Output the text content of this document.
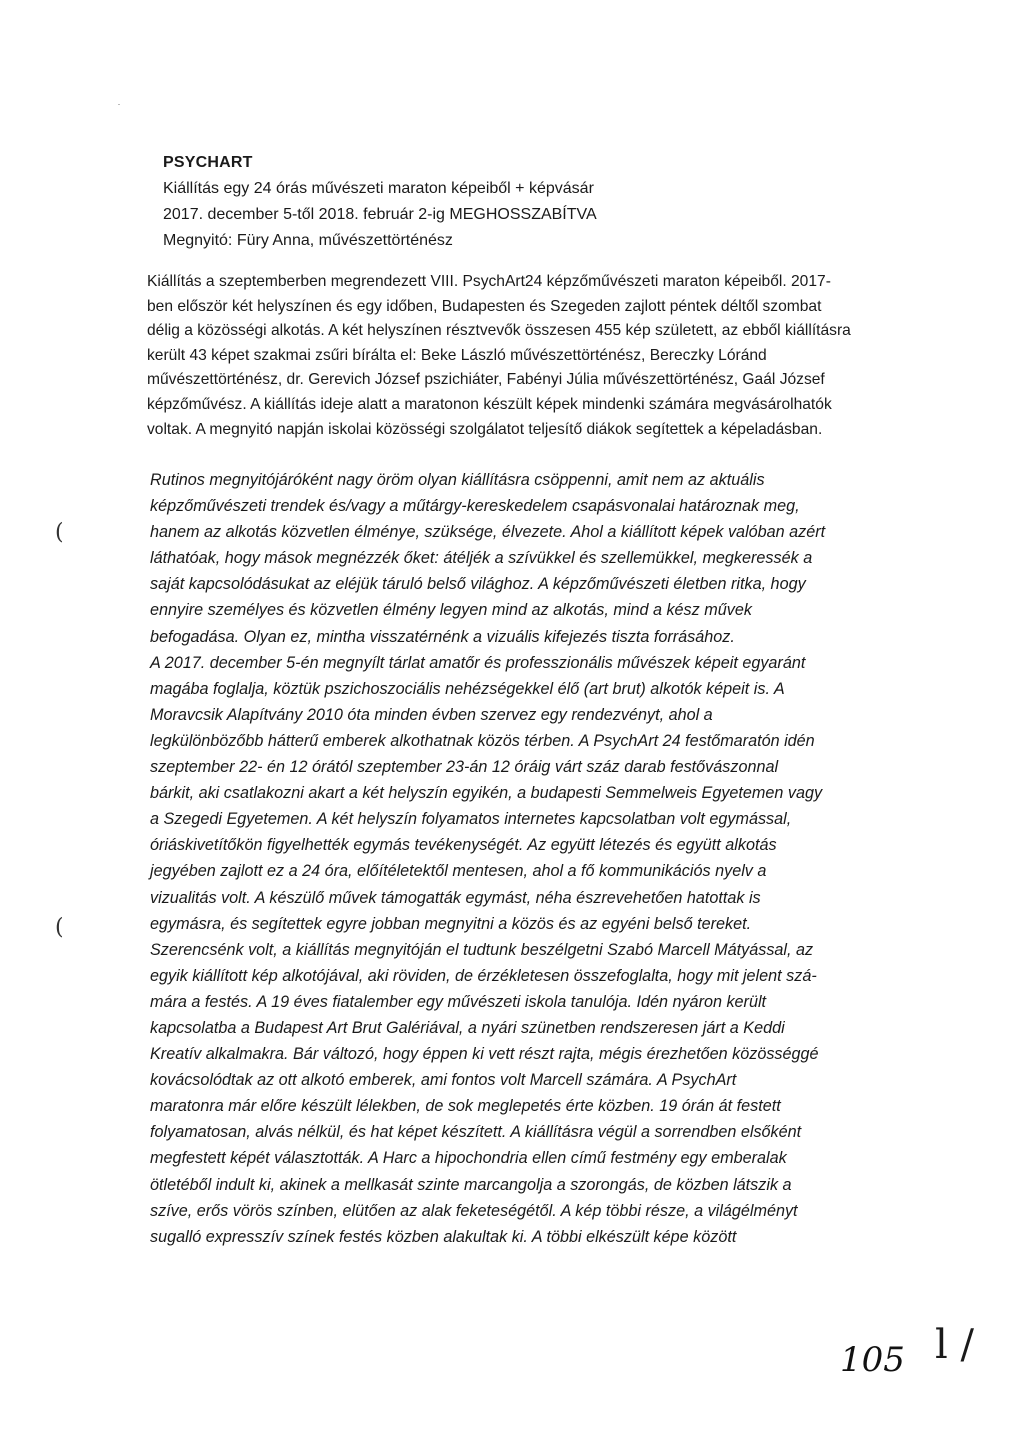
PSYCHART
Kiállítás egy 24 órás művészeti maraton képeiből + képvásár
2017. december 5-től 2018. február 2-ig MEGHOSSZABÍTVA
Megnyitó: Füry Anna, művészettörténész
Kiállítás a szeptemberben megrendezett VIII. PsychArt24 képzőművészeti maraton képeiből. 2017-
ben először két helyszínen és egy időben, Budapesten és Szegeden zajlott péntek déltől szombat
délig a közösségi alkotás. A két helyszínen résztvevők összesen 455 kép született, az ebből kiállításra
került 43 képet szakmai zsűri bírálta el: Beke László művészettörténész, Bereczky Lóránd
művészettörténész, dr. Gerevich József pszichiáter, Fabényi Júlia művészettörténész, Gaál József
képzőművész. A kiállítás ideje alatt a maratonon készült képek mindenki számára megvásárolhatók
voltak. A megnyitó napján iskolai közösségi szolgálatot teljesítő diákok segítettek a képeladásban.
Rutinos megnyitójáróként nagy öröm olyan kiállításra csöppenni, amit nem az aktuális
képzőművészeti trendek és/vagy a műtárgy-kereskedelem csapásvonalai határoznak meg,
hanem az alkotás közvetlen élménye, szüksége, élvezete. Ahol a kiállított képek valóban azért
láthatóak, hogy mások megnézzék őket: átéljék a szívükkel és szellemükkel, megkeressék a
saját kapcsolódásukat az eléjük táruló belső világhoz. A képzőművészeti életben ritka, hogy
ennyire személyes és közvetlen élmény legyen mind az alkotás, mind a kész művek
befogadása. Olyan ez, mintha visszatérnénk a vizuális kifejezés tiszta forrásához.
A 2017. december 5-én megnyílt tárlat amatőr és professzionális művészek képeit egyaránt
magába foglalja, köztük pszichoszociális nehézségekkel élő (art brut) alkotók képeit is. A
Moravcsik Alapítvány 2010 óta minden évben szervez egy rendezvényt, ahol a
legkülönbözőbb hátterű emberek alkothatnak közös térben. A PsychArt 24 festőmaratón idén
szeptember 22- én 12 órától szeptember 23-án 12 óráig várt száz darab festővászonnal
bárkit, aki csatlakozni akart a két helyszín egyikén, a budapesti Semmelweis Egyetemen vagy
a Szegedi Egyetemen. A két helyszín folyamatos internetes kapcsolatban volt egymással,
óriáskivetítőkön figyelhették egymás tevékenységét. Az együtt létezés és együtt alkotás
jegyében zajlott ez a 24 óra, előítéletektől mentesen, ahol a fő kommunikációs nyelv a
vizualitás volt. A készülő művek támogatták egymást, néha észrevehetően hatottak is
egymásra, és segítettek egyre jobban megnyitni a közös és az egyéni belső tereket.
Szerencsénk volt, a kiállítás megnyitóján el tudtunk beszélgetni Szabó Marcell Mátyással, az
egyik kiállított kép alkotójával, aki röviden, de érzékletesen összefoglalta, hogy mit jelent szá-
mára a festés. A 19 éves fiatalember egy művészeti iskola tanulója. Idén nyáron került
kapcsolatba a Budapest Art Brut Galériával, a nyári szünetben rendszeresen járt a Keddi
Kreatív alkalmakra. Bár változó, hogy éppen ki vett részt rajta, mégis érezhetően közösséggé
kovácsolódtak az ott alkotó emberek, ami fontos volt Marcell számára. A PsychArt
maratonra már előre készült lélekben, de sok meglepetés érte közben. 19 órán át festett
folyamatosan, alvás nélkül, és hat képet készített. A kiállításra végül a sorrendben elsőként
megfestett képét választották. A Harc a hipochondria ellen című festmény egy emberalak
ötletéből indult ki, akinek a mellkasát szinte marcangolja a szorongás, de közben látszik a
szíve, erős vörös színben, elütően az alak feketeségétől. A kép többi része, a világélményt
sugalló expresszív színek festés közben alakultak ki. A többi elkészült képe között
(
(
l /
105
